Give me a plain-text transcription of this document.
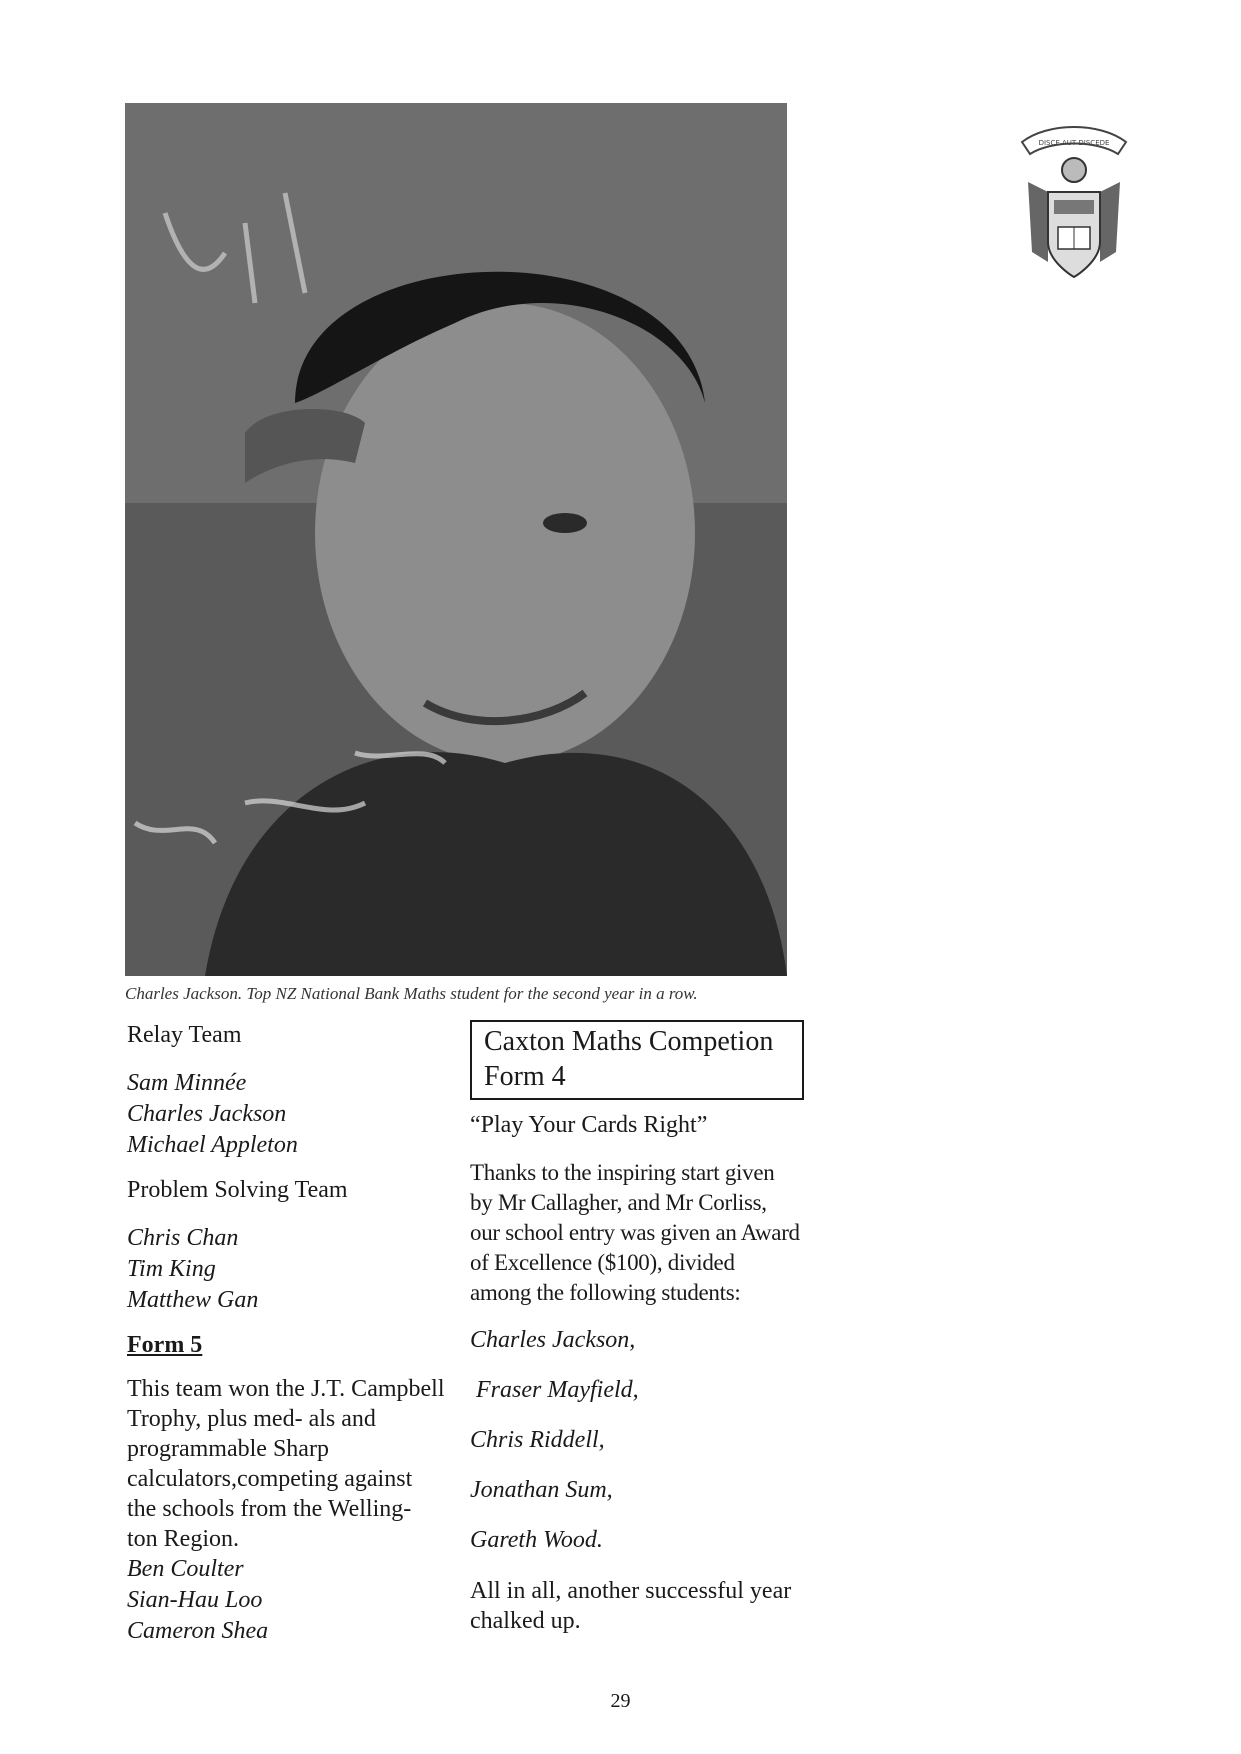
Charles Jackson. Top NZ National Bank Maths student for the second year in a row.
DISCE AUT DISCEDE
Relay Team
Sam Minnée
Charles Jackson
Michael Appleton
Problem Solving Team
Chris Chan
Tim King
Matthew Gan
Form 5

This team won the J.T. Campbell Trophy, plus med- als and programmable Sharp calculators,competing against the schools from the Welling- ton Region.

Ben Coulter
Sian-Hau Loo
Cameron Shea
Caxton Maths Competion
Form 4
“Play Your Cards Right”

Thanks to the inspiring start given by Mr Callagher, and Mr Corliss, our school entry was given an Award of Excellence ($100), divided among the following students:

Charles Jackson,
Fraser Mayfield,
Chris Riddell,
Jonathan Sum,
Gareth Wood.

All in all, another successful year chalked up.

29
